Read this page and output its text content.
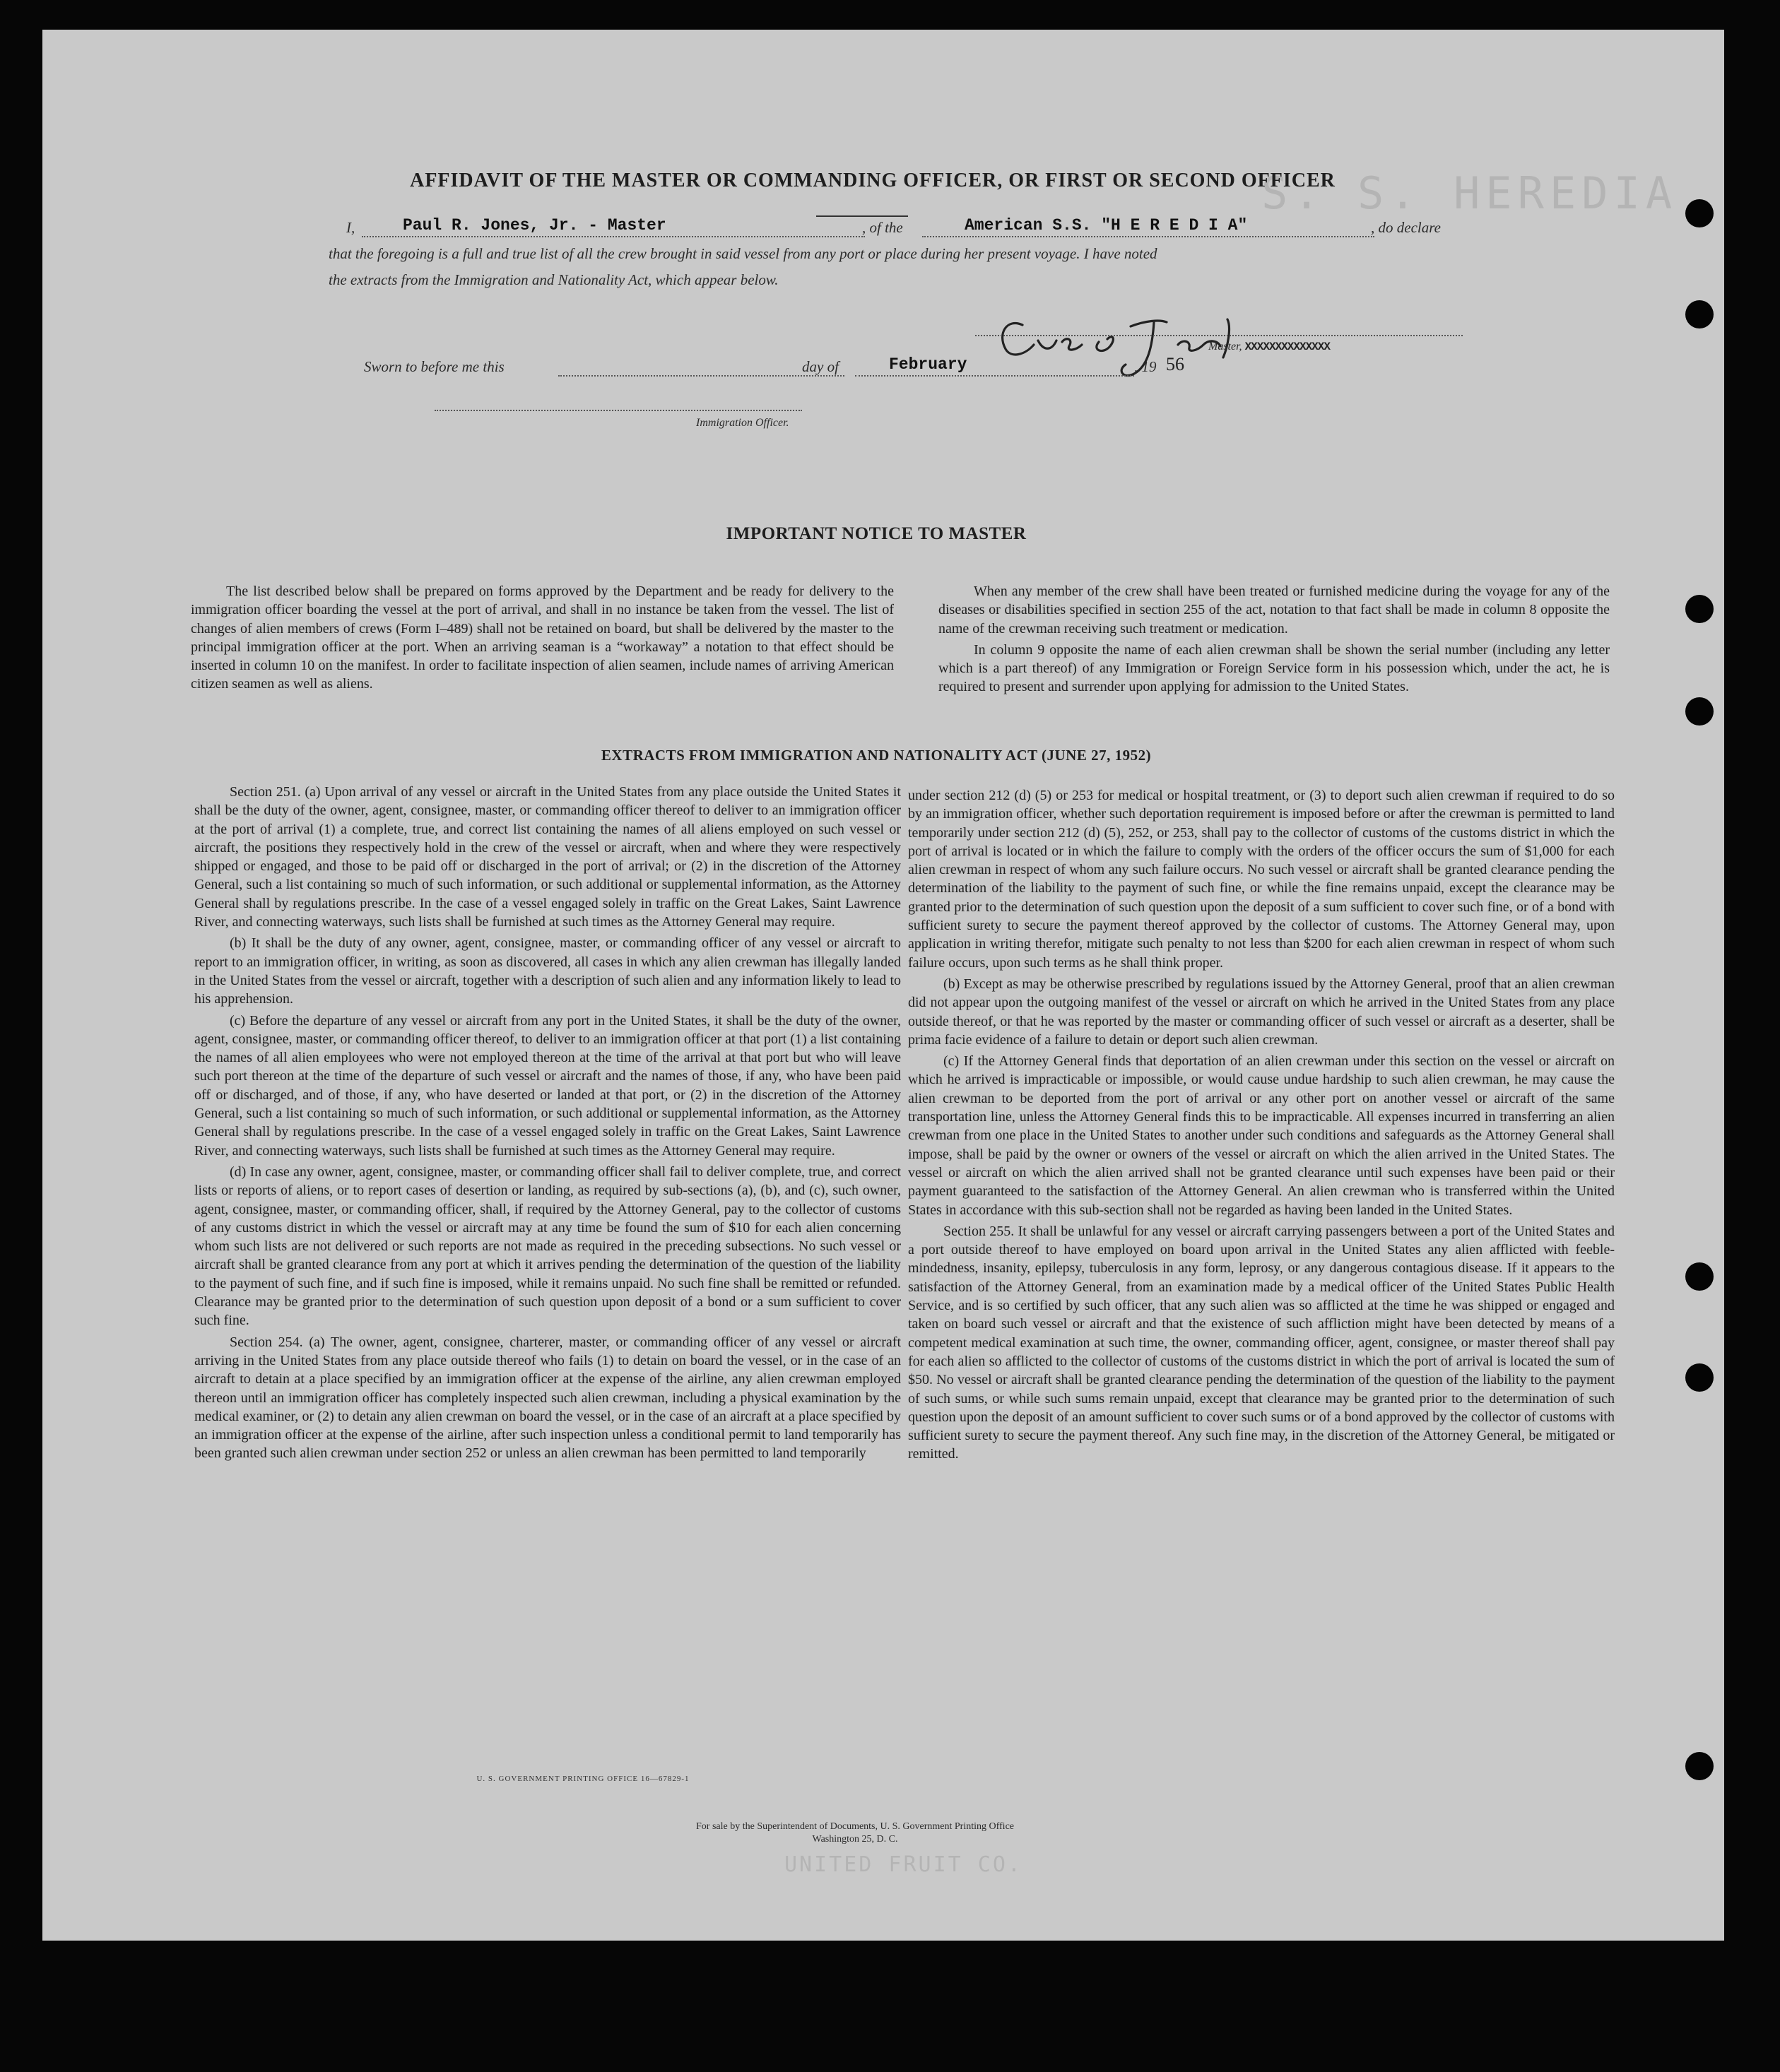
S. S. HEREDIA
UNITED FRUIT CO.
AFFIDAVIT OF THE MASTER OR COMMANDING OFFICER, OR FIRST OR SECOND OFFICER
I,	Paul R. Jones, Jr. - Master	, of the	American S.S. "H E R E D I A"	, do declare
that the foregoing is a full and true list of all the crew brought in said vessel from any port or place during her present voyage. I have noted
the extracts from the Immigration and Nationality Act, which appear below.
Master, XXXXXXXXXXXXXX
Sworn to before me this	day of	February	, 19 56
Immigration Officer.
IMPORTANT NOTICE TO MASTER

The list described below shall be prepared on forms approved by the Department and be ready for delivery to the immigration officer boarding the vessel at the port of arrival, and shall in no instance be taken from the vessel. The list of changes of alien members of crews (Form I–489) shall not be retained on board, but shall be delivered by the master to the principal immigration officer at the port. When an arriving seaman is a “workaway” a notation to that effect should be inserted in column 10 on the manifest. In order to facilitate inspection of alien seamen, include names of arriving American citizen seamen as well as aliens.

When any member of the crew shall have been treated or furnished medicine during the voyage for any of the diseases or disabilities specified in section 255 of the act, notation to that fact shall be made in column 8 opposite the name of the crewman receiving such treatment or medication.

In column 9 opposite the name of each alien crewman shall be shown the serial number (including any letter which is a part thereof) of any Immigration or Foreign Service form in his possession which, under the act, he is required to present and surrender upon applying for admission to the United States.

EXTRACTS FROM IMMIGRATION AND NATIONALITY ACT (JUNE 27, 1952)

Section 251. (a) Upon arrival of any vessel or aircraft in the United States from any place outside the United States it shall be the duty of the owner, agent, consignee, master, or commanding officer thereof to deliver to an immigration officer at the port of arrival (1) a complete, true, and correct list containing the names of all aliens employed on such vessel or aircraft, the positions they respectively hold in the crew of the vessel or aircraft, when and where they were respectively shipped or engaged, and those to be paid off or discharged in the port of arrival; or (2) in the discretion of the Attorney General, such a list containing so much of such information, or such additional or supplemental information, as the Attorney General shall by regulations prescribe. In the case of a vessel engaged solely in traffic on the Great Lakes, Saint Lawrence River, and connecting waterways, such lists shall be furnished at such times as the Attorney General may require.

(b) It shall be the duty of any owner, agent, consignee, master, or commanding officer of any vessel or aircraft to report to an immigration officer, in writing, as soon as discovered, all cases in which any alien crewman has illegally landed in the United States from the vessel or aircraft, together with a description of such alien and any information likely to lead to his apprehension.

(c) Before the departure of any vessel or aircraft from any port in the United States, it shall be the duty of the owner, agent, consignee, master, or commanding officer thereof, to deliver to an immigration officer at that port (1) a list containing the names of all alien employees who were not employed thereon at the time of the arrival at that port but who will leave such port thereon at the time of the departure of such vessel or aircraft and the names of those, if any, who have been paid off or discharged, and of those, if any, who have deserted or landed at that port, or (2) in the discretion of the Attorney General, such a list containing so much of such information, or such additional or supplemental information, as the Attorney General shall by regulations prescribe. In the case of a vessel engaged solely in traffic on the Great Lakes, Saint Lawrence River, and connecting waterways, such lists shall be furnished at such times as the Attorney General may require.

(d) In case any owner, agent, consignee, master, or commanding officer shall fail to deliver complete, true, and correct lists or reports of aliens, or to report cases of desertion or landing, as required by sub-sections (a), (b), and (c), such owner, agent, consignee, master, or commanding officer, shall, if required by the Attorney General, pay to the collector of customs of any customs district in which the vessel or aircraft may at any time be found the sum of $10 for each alien concerning whom such lists are not delivered or such reports are not made as required in the preceding subsections. No such vessel or aircraft shall be granted clearance from any port at which it arrives pending the determination of the question of the liability to the payment of such fine, and if such fine is imposed, while it remains unpaid. No such fine shall be remitted or refunded. Clearance may be granted prior to the determination of such question upon deposit of a bond or a sum sufficient to cover such fine.

Section 254. (a) The owner, agent, consignee, charterer, master, or commanding officer of any vessel or aircraft arriving in the United States from any place outside thereof who fails (1) to detain on board the vessel, or in the case of an aircraft to detain at a place specified by an immigration officer at the expense of the airline, any alien crewman employed thereon until an immigration officer has completely inspected such alien crewman, including a physical examination by the medical examiner, or (2) to detain any alien crewman on board the vessel, or in the case of an aircraft at a place specified by an immigration officer at the expense of the airline, after such inspection unless a conditional permit to land temporarily has been granted such alien crewman under section 252 or unless an alien crewman has been permitted to land temporarily

under section 212 (d) (5) or 253 for medical or hospital treatment, or (3) to deport such alien crewman if required to do so by an immigration officer, whether such deportation requirement is imposed before or after the crewman is permitted to land temporarily under section 212 (d) (5), 252, or 253, shall pay to the collector of customs of the customs district in which the port of arrival is located or in which the failure to comply with the orders of the officer occurs the sum of $1,000 for each alien crewman in respect of whom any such failure occurs. No such vessel or aircraft shall be granted clearance pending the determination of the liability to the payment of such fine, or while the fine remains unpaid, except the clearance may be granted prior to the determination of such question upon the deposit of a sum sufficient to cover such fine, or of a bond with sufficient surety to secure the payment thereof approved by the collector of customs. The Attorney General may, upon application in writing therefor, mitigate such penalty to not less than $200 for each alien crewman in respect of whom such failure occurs, upon such terms as he shall think proper.

(b) Except as may be otherwise prescribed by regulations issued by the Attorney General, proof that an alien crewman did not appear upon the outgoing manifest of the vessel or aircraft on which he arrived in the United States from any place outside thereof, or that he was reported by the master or commanding officer of such vessel or aircraft as a deserter, shall be prima facie evidence of a failure to detain or deport such alien crewman.

(c) If the Attorney General finds that deportation of an alien crewman under this section on the vessel or aircraft on which he arrived is impracticable or impossible, or would cause undue hardship to such alien crewman, he may cause the alien crewman to be deported from the port of arrival or any other port on another vessel or aircraft of the same transportation line, unless the Attorney General finds this to be impracticable. All expenses incurred in transferring an alien crewman from one place in the United States to another under such conditions and safeguards as the Attorney General shall impose, shall be paid by the owner or owners of the vessel or aircraft on which the alien arrived in the United States. The vessel or aircraft on which the alien arrived shall not be granted clearance until such expenses have been paid or their payment guaranteed to the satisfaction of the Attorney General. An alien crewman who is transferred within the United States in accordance with this sub-section shall not be regarded as having been landed in the United States.

Section 255. It shall be unlawful for any vessel or aircraft carrying passengers between a port of the United States and a port outside thereof to have employed on board upon arrival in the United States any alien afflicted with feeble-mindedness, insanity, epilepsy, tuberculosis in any form, leprosy, or any dangerous contagious disease. If it appears to the satisfaction of the Attorney General, from an examination made by a medical officer of the United States Public Health Service, and is so certified by such officer, that any such alien was so afflicted at the time he was shipped or engaged and taken on board such vessel or aircraft and that the existence of such affliction might have been detected by means of a competent medical examination at such time, the owner, commanding officer, agent, consignee, or master thereof shall pay for each alien so afflicted to the collector of customs of the customs district in which the port of arrival is located the sum of $50. No vessel or aircraft shall be granted clearance pending the determination of the question of the liability to the payment of such sums, or while such sums remain unpaid, except that clearance may be granted prior to the determination of such question upon the deposit of an amount sufficient to cover such sums or of a bond approved by the collector of customs with sufficient surety to secure the payment thereof. Any such fine may, in the discretion of the Attorney General, be mitigated or remitted.

U. S. GOVERNMENT PRINTING OFFICE 16—67829-1
For sale by the Superintendent of Documents, U. S. Government Printing Office
Washington 25, D. C.
